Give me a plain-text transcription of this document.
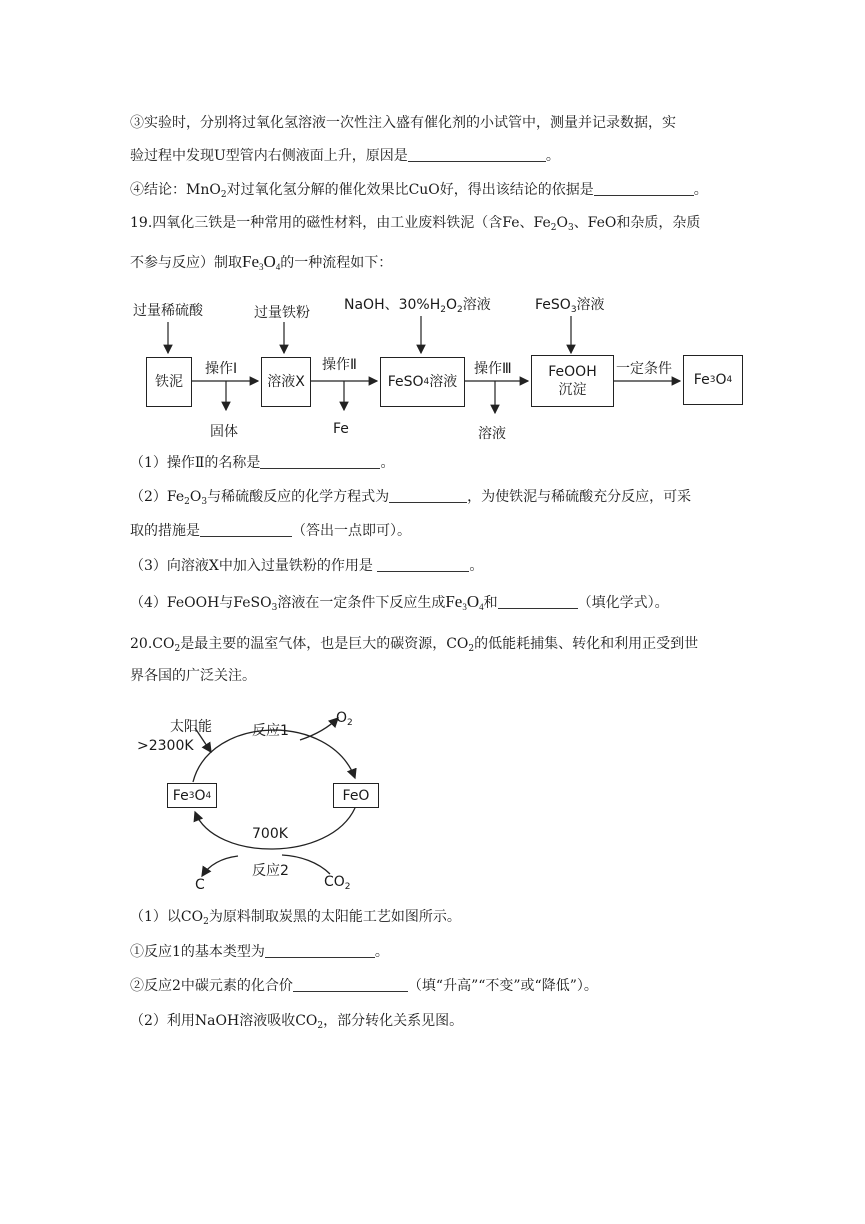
③实验时，分别将过氧化氢溶液一次性注入盛有催化剂的小试管中，测量并记录数据，实
验过程中发现U型管内右侧液面上升，原因是	。
④结论：MnO$_2$对过氧化氢分解的催化效果比CuO好，得出该结论的依据是	。
19.四氧化三铁是一种常用的磁性材料，由工业废料铁泥（含Fe、$Fe_2O_3$、FeO和杂质，杂质
不参与反应）制取$Fe_3O_4$的一种流程如下：
过量稀硫酸	过量铁粉 NaOH、$30\%H_2O_2$溶液	FeSO$_3$溶液
铁泥	溶液X	FeSO 4 溶液
FeOOH
沉淀
Fe 3 O 4
操作Ⅰ	操作Ⅱ	操作Ⅲ	一定条件
固体	Fe	溶液
（1）操作Ⅱ的名称是	。
$(2)Fe_2O_3$与稀硫酸反应的化学方程式为	，为使铁泥与稀硫酸充分反应，可采
取的措施是	（答出一点即可）。
（3）向溶液X中加入过量铁粉的作用是	。
（4）FeOOH与FeSO$_3$溶液在一定条件下反应生成$Fe_3O_4$和	（填化学式）。
$20.CO_2$是最主要的温室气体，也是巨大的碳资源，$CO_2$的低能耗捕集、转化和利用正受到世
界各国的广泛关注。
太阳能
>2300K
反应1
$O_2$
Fe 3 O 4	FeO
700K
反应2
C	$CO_2$
（1）以$CO_2$为原料制取炭黑的太阳能工艺如图所示。
①反应1的基本类型为	。
②反应2中碳元素的化合价	（填“升高”“不变”或“降低”）。
（2）利用NaOH溶液吸收$CO_2$，部分转化关系见图。
